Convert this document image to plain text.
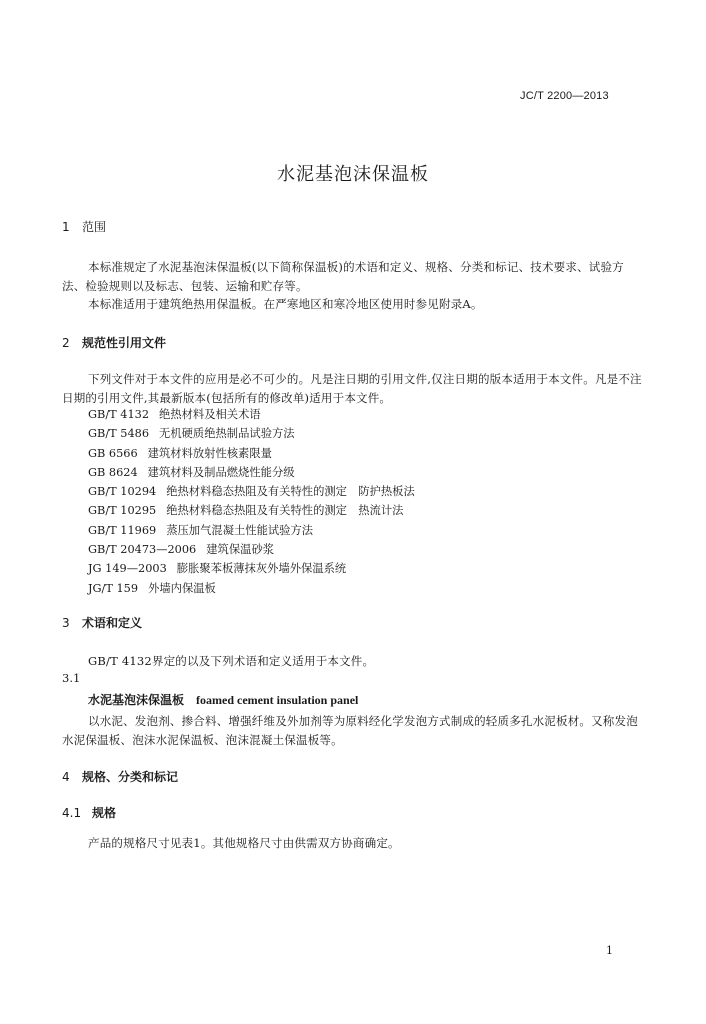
JC/T 2200—2013
水泥基泡沫保温板
1 范围
本标准规定了水泥基泡沫保温板(以下简称保温板)的术语和定义、规格、分类和标记、技术要求、试验方法、检验规则以及标志、包装、运输和贮存等。
本标准适用于建筑绝热用保温板。在严寒地区和寒冷地区使用时参见附录A。
2 规范性引用文件
下列文件对于本文件的应用是必不可少的。凡是注日期的引用文件,仅注日期的版本适用于本文件。凡是不注日期的引用文件,其最新版本(包括所有的修改单)适用于本文件。
GB/T 4132 绝热材料及相关术语
GB/T 5486 无机硬质绝热制品试验方法
GB 6566 建筑材料放射性核素限量
GB 8624 建筑材料及制品燃烧性能分级
GB/T 10294 绝热材料稳态热阻及有关特性的测定　防护热板法
GB/T 10295 绝热材料稳态热阻及有关特性的测定　热流计法
GB/T 11969 蒸压加气混凝土性能试验方法
GB/T 20473—2006 建筑保温砂浆
JG 149—2003 膨胀聚苯板薄抹灰外墙外保温系统
JG/T 159 外墙内保温板
3 术语和定义
GB/T 4132界定的以及下列术语和定义适用于本文件。
3.1
水泥基泡沫保温板 foamed cement insulation panel
以水泥、发泡剂、掺合料、增强纤维及外加剂等为原料经化学发泡方式制成的轻质多孔水泥板材。又称发泡水泥保温板、泡沫水泥保温板、泡沫混凝土保温板等。
4 规格、分类和标记
4.1 规格
产品的规格尺寸见表1。其他规格尺寸由供需双方协商确定。
1
